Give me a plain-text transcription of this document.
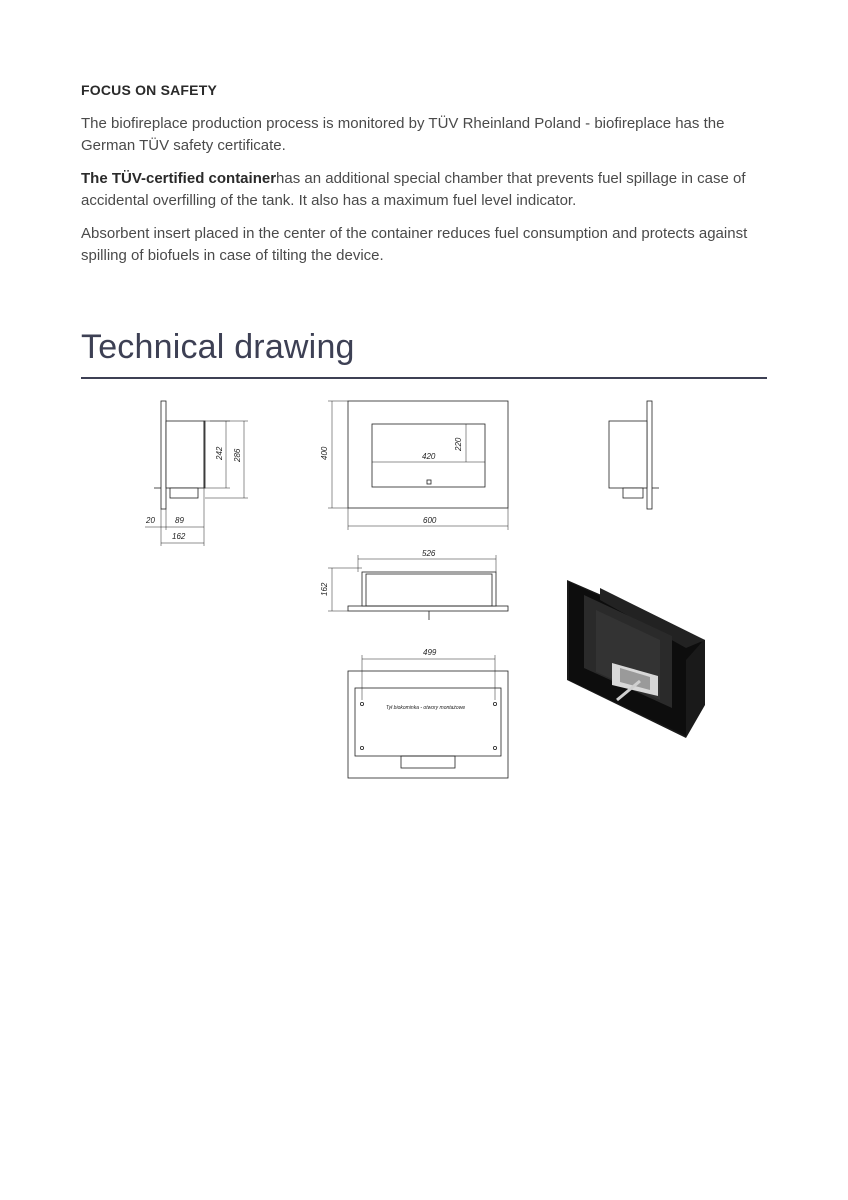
FOCUS ON SAFETY

The biofireplace production process is monitored by TÜV Rheinland Poland - biofireplace has the German TÜV safety certificate.

The TÜV-certified containerhas an additional special chamber that prevents fuel spillage in case of accidental overfilling of the tank. It also has a maximum fuel level indicator.

Absorbent insert placed in the center of the container reduces fuel consumption and protects against spilling of biofuels in case of tilting the device.

Technical drawing
20	89
162
242 286	400	420
220
600
526
162
499
Tył biokominka - otwory montażowe
